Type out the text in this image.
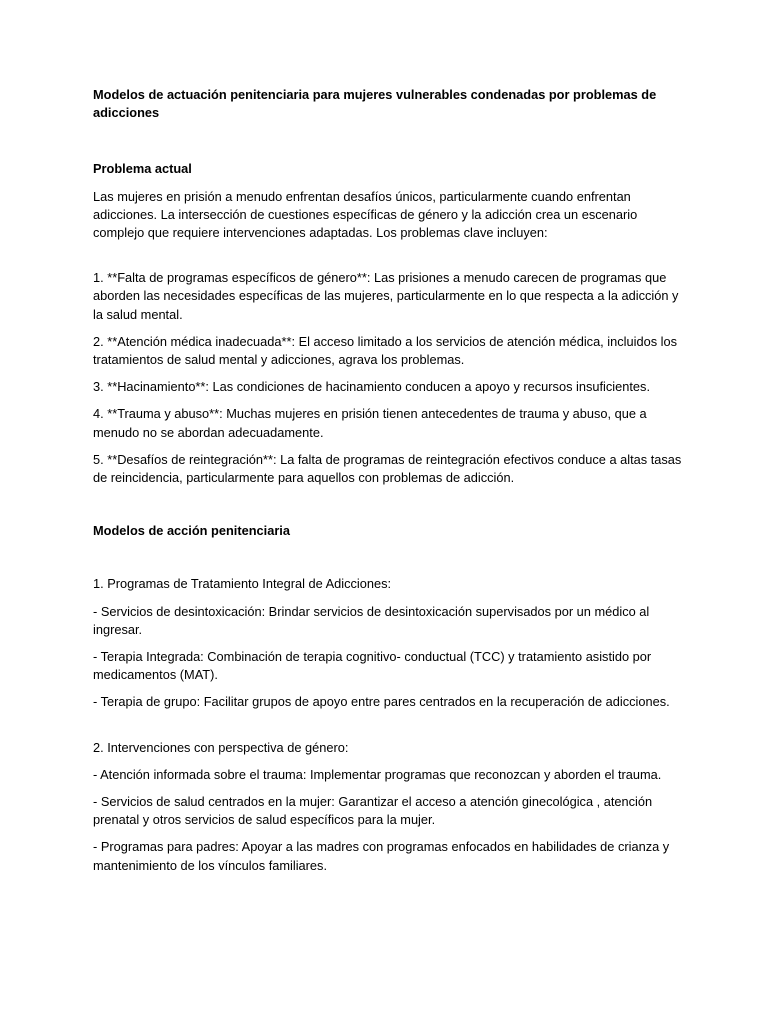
Modelos de actuación penitenciaria para mujeres vulnerables condenadas por problemas de adicciones
Problema actual

Las mujeres en prisión a menudo enfrentan desafíos únicos, particularmente cuando enfrentan adicciones. La intersección de cuestiones específicas de género y la adicción crea un escenario complejo que requiere intervenciones adaptadas. Los problemas clave incluyen:

1. **Falta de programas específicos de género**: Las prisiones a menudo carecen de programas que aborden las necesidades específicas de las mujeres, particularmente en lo que respecta a la adicción y la salud mental.

2. **Atención médica inadecuada**: El acceso limitado a los servicios de atención médica, incluidos los tratamientos de salud mental y adicciones, agrava los problemas.

3. **Hacinamiento**: Las condiciones de hacinamiento conducen a apoyo y recursos insuficientes.

4. **Trauma y abuso**: Muchas mujeres en prisión tienen antecedentes de trauma y abuso, que a menudo no se abordan adecuadamente.

5. **Desafíos de reintegración**: La falta de programas de reintegración efectivos conduce a altas tasas de reincidencia, particularmente para aquellos con problemas de adicción.

Modelos de acción penitenciaria

1. Programas de Tratamiento Integral de Adicciones:

- Servicios de desintoxicación: Brindar servicios de desintoxicación supervisados por un médico al ingresar.

- Terapia Integrada: Combinación de terapia cognitivo- conductual (TCC) y tratamiento asistido por medicamentos (MAT).

- Terapia de grupo: Facilitar grupos de apoyo entre pares centrados en la recuperación de adicciones.

2. Intervenciones con perspectiva de género:

- Atención informada sobre el trauma: Implementar programas que reconozcan y aborden el trauma.

- Servicios de salud centrados en la mujer: Garantizar el acceso a atención ginecológica , atención prenatal y otros servicios de salud específicos para la mujer.

- Programas para padres: Apoyar a las madres con programas enfocados en habilidades de crianza y mantenimiento de los vínculos familiares.
